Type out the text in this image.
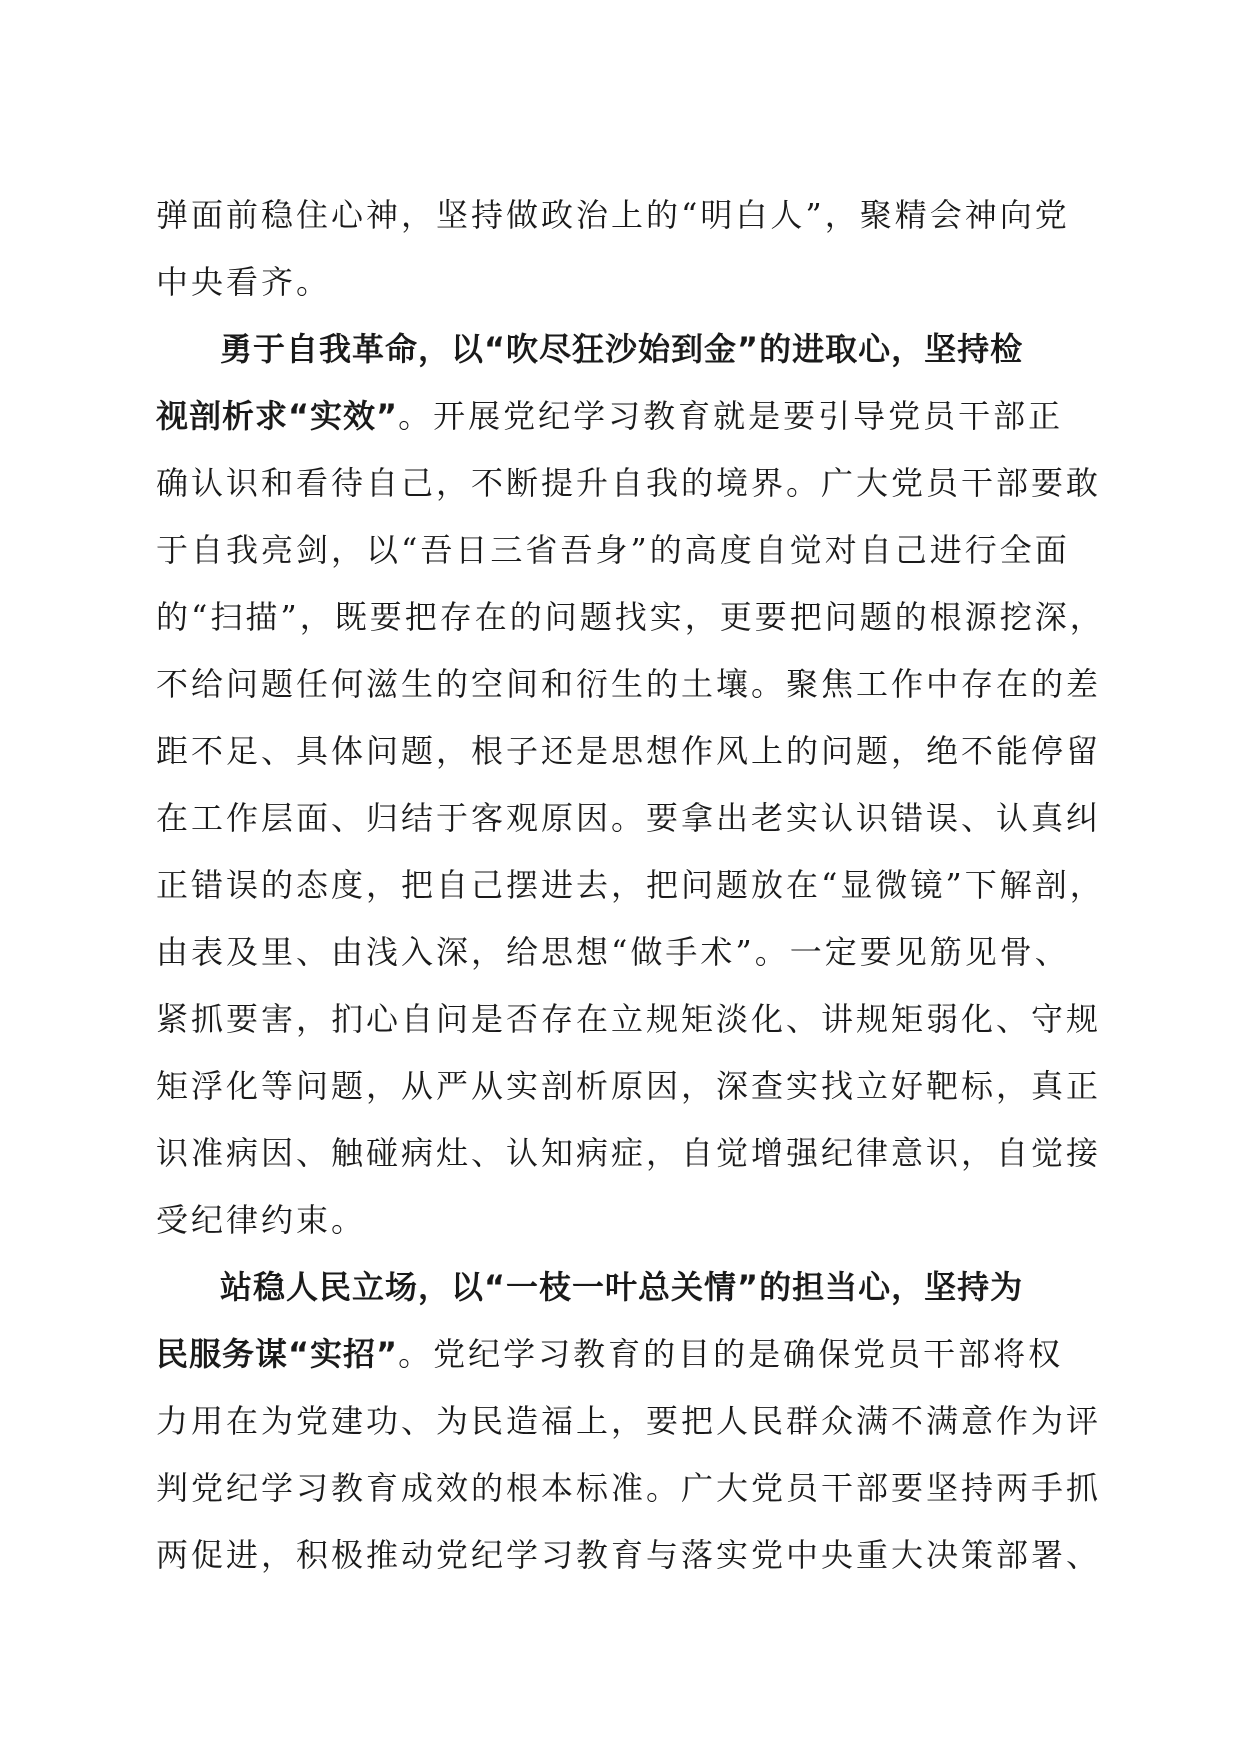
弹面前稳住心神，坚持做政治上的“明白人”，聚精会神向党
中央看齐。
勇于自我革命，以“吹尽狂沙始到金”的进取心，坚持检
视剖析求“实效”。开展党纪学习教育就是要引导党员干部正
确认识和看待自己，不断提升自我的境界。广大党员干部要敢
于自我亮剑，以“吾日三省吾身”的高度自觉对自己进行全面
的“扫描”，既要把存在的问题找实，更要把问题的根源挖深，
不给问题任何滋生的空间和衍生的土壤。聚焦工作中存在的差
距不足、具体问题，根子还是思想作风上的问题，绝不能停留
在工作层面、归结于客观原因。要拿出老实认识错误、认真纠
正错误的态度，把自己摆进去，把问题放在“显微镜”下解剖，
由表及里、由浅入深，给思想“做手术”。一定要见筋见骨、
紧抓要害，扪心自问是否存在立规矩淡化、讲规矩弱化、守规
矩浮化等问题，从严从实剖析原因，深查实找立好靶标，真正
识准病因、触碰病灶、认知病症，自觉增强纪律意识，自觉接
受纪律约束。
站稳人民立场，以“一枝一叶总关情”的担当心，坚持为
民服务谋“实招”。党纪学习教育的目的是确保党员干部将权
力用在为党建功、为民造福上，要把人民群众满不满意作为评
判党纪学习教育成效的根本标准。广大党员干部要坚持两手抓
两促进，积极推动党纪学习教育与落实党中央重大决策部署、
